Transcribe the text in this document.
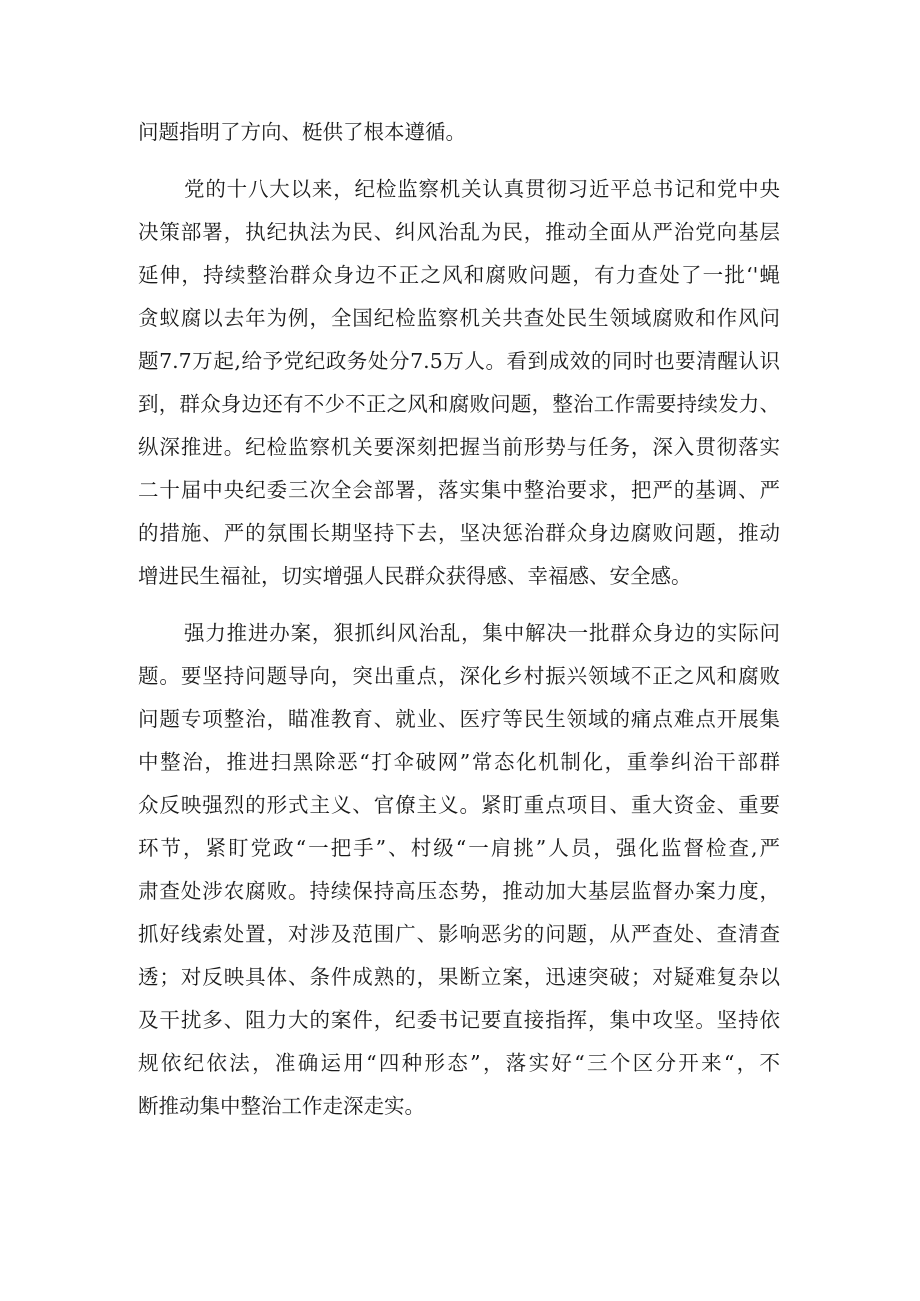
问题指明了方向、梃供了根本遵循。

党的十八大以来，纪检监察机关认真贯彻习近平总书记和党中央

决策部署，执纪执法为民、纠风治乱为民，推动全面从严治党向基层

延伸，持续整治群众身边不正之风和腐败问题，有力查处了一批‘'蝇

贪蚁腐以去年为例，全国纪检监察机关共查处民生领域腐败和作风问

题7.7万起,给予党纪政务处分7.5万人。看到成效的同时也要清醒认识

到，群众身边还有不少不正之风和腐败问题，整治工作需要持续发力、

纵深推进。纪检监察机关要深刻把握当前形势与任务，深入贯彻落实

二十届中央纪委三次全会部署，落实集中整治要求，把严的基调、严

的措施、严的氛围长期坚持下去，坚决惩治群众身边腐败问题，推动

增进民生福祉，切实增强人民群众获得感、幸福感、安全感。

强力推进办案，狠抓纠风治乱，集中解决一批群众身边的实际问

题。要坚持问题导向，突出重点，深化乡村振兴领域不正之风和腐败

问题专项整治，瞄准教育、就业、医疗等民生领域的痛点难点开展集

中整治，推进扫黑除恶“打伞破网”常态化机制化，重拳纠治干部群

众反映强烈的形式主义、官僚主义。紧盯重点项目、重大资金、重要

环节，紧盯党政“一把手”、村级“一肩挑”人员，强化监督检查,严

肃查处涉农腐败。持续保持高压态势，推动加大基层监督办案力度，

抓好线索处置，对涉及范围广、影响恶劣的问题，从严查处、查清查

透；对反映具体、条件成熟的，果断立案，迅速突破；对疑难复杂以

及干扰多、阻力大的案件，纪委书记要直接指挥，集中攻坚。坚持依

规依纪依法，准确运用“四种形态”，落实好“三个区分开来“，不

断推动集中整治工作走深走实。
